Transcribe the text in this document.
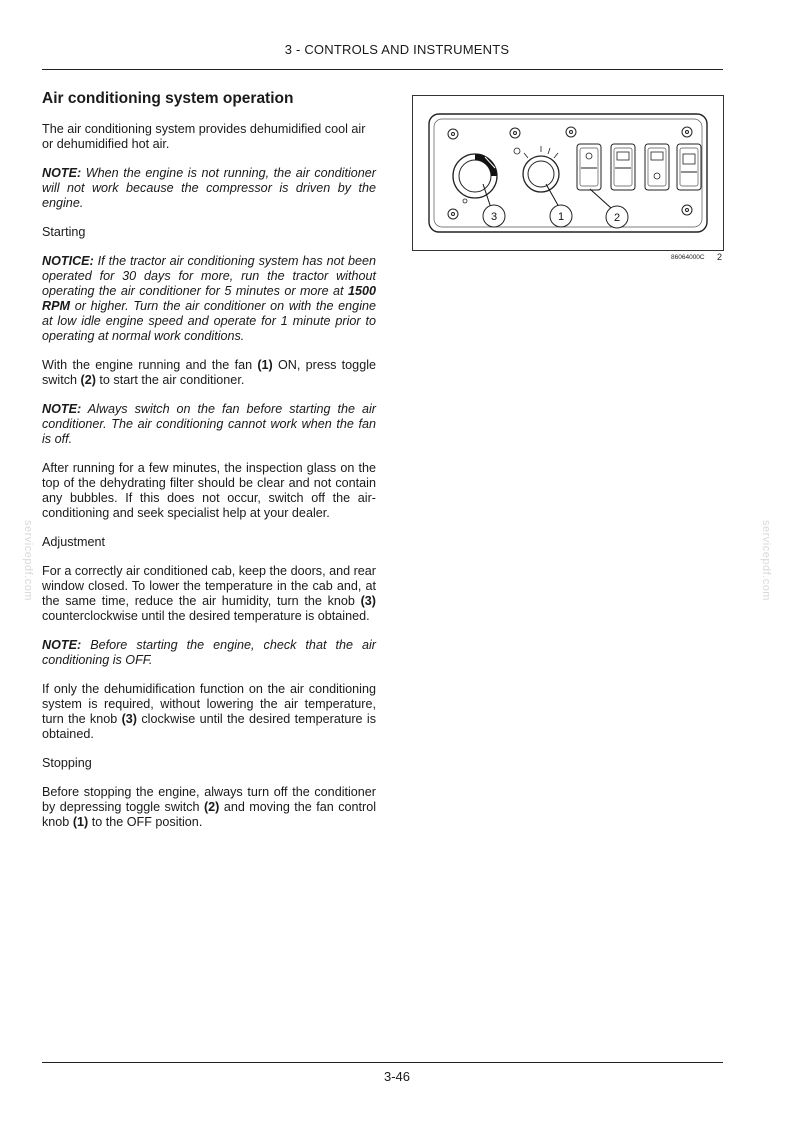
3 - CONTROLS AND INSTRUMENTS
Air conditioning system operation

The air conditioning system provides dehumidified cool air or dehumidified hot air.

NOTE: When the engine is not running, the air conditioner will not work because the compressor is driven by the engine.

Starting

NOTICE: If the tractor air conditioning system has not been operated for 30 days for more, run the tractor without operating the air conditioner for 5 minutes or more at 1500 RPM or higher. Turn the air conditioner on with the engine at low idle engine speed and operate for 1 minute prior to operating at normal work conditions.

With the engine running and the fan (1) ON, press toggle switch (2) to start the air conditioner.

NOTE: Always switch on the fan before starting the air conditioner. The air conditioning cannot work when the fan is off.

After running for a few minutes, the inspection glass on the top of the dehydrating filter should be clear and not contain any bubbles. If this does not occur, switch off the air-conditioning and seek specialist help at your dealer.

Adjustment

For a correctly air conditioned cab, keep the doors, and rear window closed. To lower the temperature in the cab and, at the same time, reduce the air humidity, turn the knob (3) counterclockwise until the desired temperature is obtained.

NOTE: Before starting the engine, check that the air conditioning is OFF.

If only the dehumidification function on the air conditioning system is required, without lowering the air temperature, turn the knob (3) clockwise until the desired temperature is obtained.

Stopping

Before stopping the engine, always turn off the conditioner by depressing toggle switch (2) and moving the fan control knob (1) to the OFF position.

3	1	2
86064000C 2
servicepdf.com	servicepdf.com
3-46
